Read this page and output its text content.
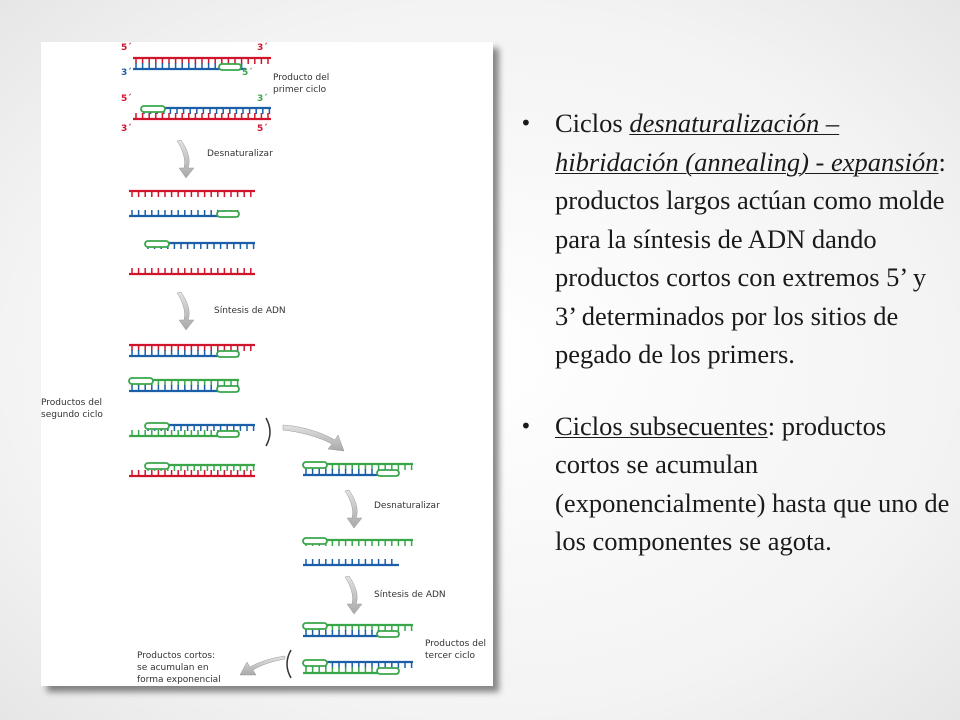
5´	3´
3´	5´
5´	3´
3´	5´
Producto del
primer ciclo
Desnaturalizar
Síntesis de ADN
Productos del
segundo ciclo
Desnaturalizar
Síntesis de ADN
Productos del
tercer ciclo
Productos cortos:
se acumulan en
forma exponencial
• Ciclos desnaturalización – hibridación (annealing) - expansión: productos largos actúan como molde para la síntesis de ADN dando productos cortos con extremos 5’ y 3’ determinados por los sitios de pegado de los primers.
• Ciclos subsecuentes: productos cortos se acumulan (exponencialmente) hasta que uno de los componentes se agota.
